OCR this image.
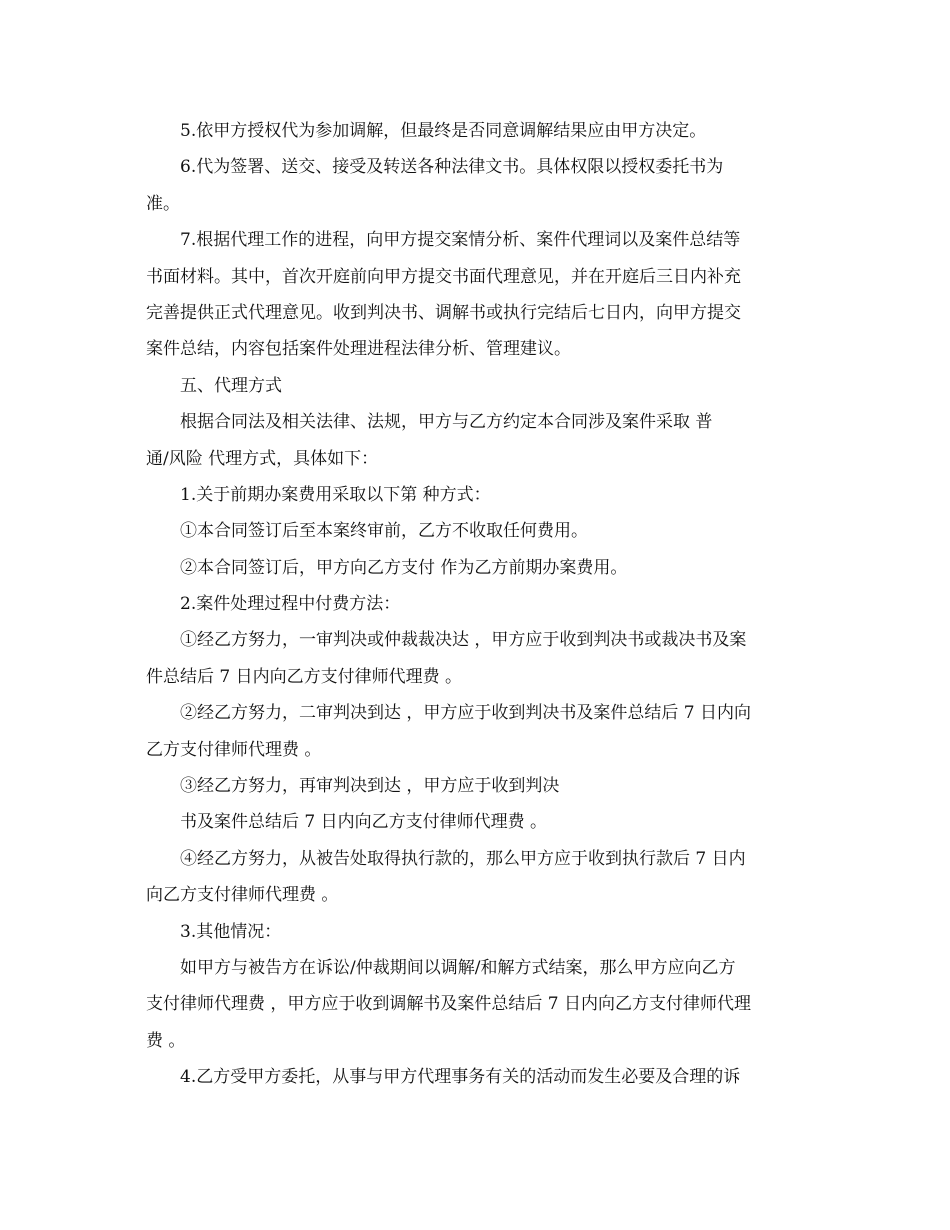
5.依甲方授权代为参加调解，但最终是否同意调解结果应由甲方决定。
6.代为签署、送交、接受及转送各种法律文书。具体权限以授权委托书为
准。
7.根据代理工作的进程，向甲方提交案情分析、案件代理词以及案件总结等
书面材料。其中，首次开庭前向甲方提交书面代理意见，并在开庭后三日内补充
完善提供正式代理意见。收到判决书、调解书或执行完结后七日内，向甲方提交
案件总结，内容包括案件处理进程法律分析、管理建议。
五、代理方式
根据合同法及相关法律、法规，甲方与乙方约定本合同涉及案件采取 普
通/风险 代理方式，具体如下：
1.关于前期办案费用采取以下第 种方式：
①本合同签订后至本案终审前，乙方不收取任何费用。
②本合同签订后，甲方向乙方支付 作为乙方前期办案费用。
2.案件处理过程中付费方法：
①经乙方努力，一审判决或仲裁裁决达 ，甲方应于收到判决书或裁决书及案
件总结后 7 日内向乙方支付律师代理费 。
②经乙方努力，二审判决到达 ，甲方应于收到判决书及案件总结后 7 日内向
乙方支付律师代理费 。
③经乙方努力，再审判决到达 ，甲方应于收到判决
书及案件总结后 7 日内向乙方支付律师代理费 。
④经乙方努力，从被告处取得执行款的，那么甲方应于收到执行款后 7 日内
向乙方支付律师代理费 。
3.其他情况：
如甲方与被告方在诉讼/仲裁期间以调解/和解方式结案，那么甲方应向乙方
支付律师代理费 ，甲方应于收到调解书及案件总结后 7 日内向乙方支付律师代理
费 。
4.乙方受甲方委托，从事与甲方代理事务有关的活动而发生必要及合理的诉
